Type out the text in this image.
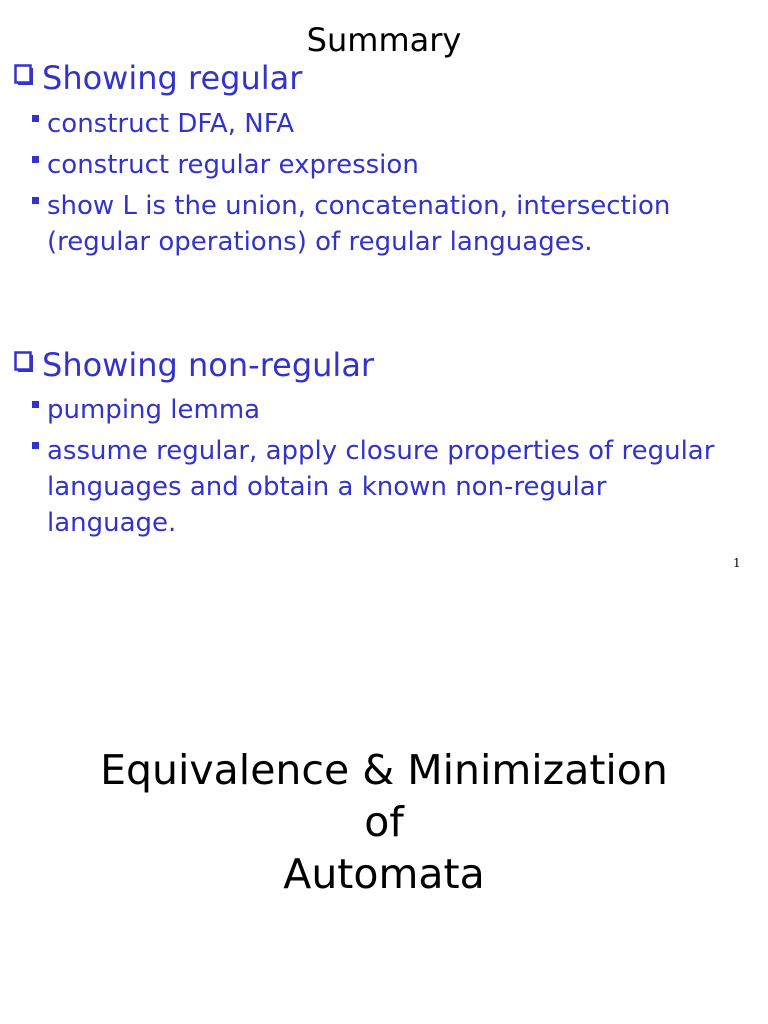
Summary
Showing regular
construct DFA, NFA
construct regular expression
show L is the union, concatenation, intersection (regular operations) of regular languages.
Showing non-regular
pumping lemma
assume regular, apply closure properties of regular languages and obtain a known non-regular language.
1
Equivalence & Minimization
of
Automata
